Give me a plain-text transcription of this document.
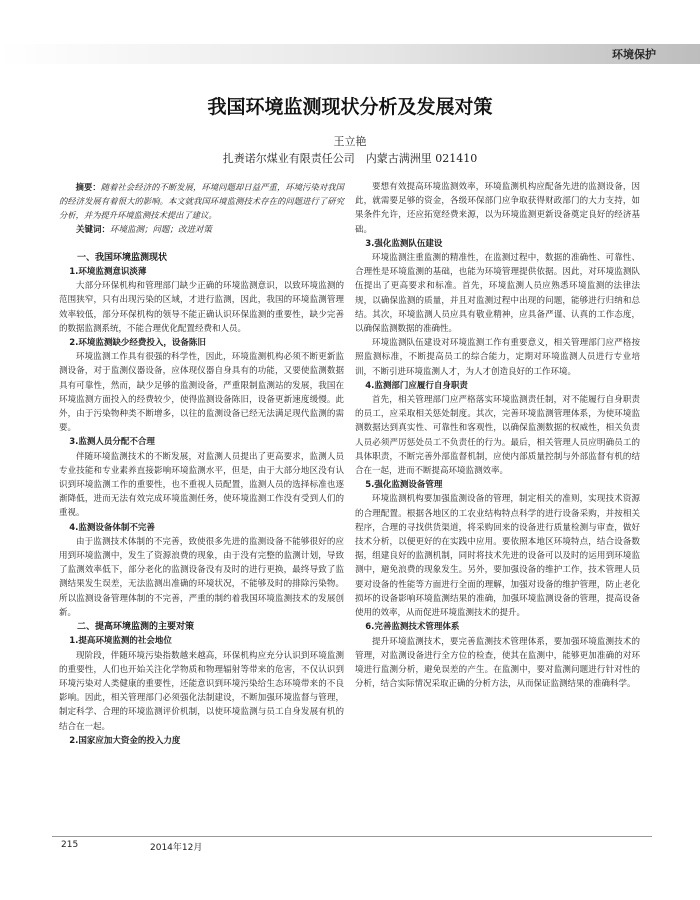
环境保护
我国环境监测现状分析及发展对策
王立艳
扎赉诺尔煤业有限责任公司　内蒙古满洲里 021410

摘要：随着社会经济的不断发展，环境问题却日益严重，环境污染对我国的经济发展有着很大的影响。本文就我国环境监测技术存在的问题进行了研究分析，并为提升环境监测技术提出了建议。

关键词：环境监测；问题；改进对策

一、我国环境监测现状

1.环境监测意识淡薄

大部分环保机构和管理部门缺少正确的环境监测意识，以致环境监测的范围狭窄，只有出现污染的区域，才进行监测，因此，我国的环境监测管理效率较低，部分环保机构的领导不能正确认识环保监测的重要性，缺少完善的数据监测系统，不能合理优化配置经费和人员。

2.环境监测缺少经费投入，设备陈旧

环境监测工作具有很强的科学性，因此，环境监测机构必须不断更新监测设备，对于监测仪器设备，应体现仪器自身具有的功能，又要使监测数据具有可靠性，然而，缺少足够的监测设备，严重限制监测站的发展，我国在环境监测方面投入的经费较少，使得监测设备陈旧，设备更新速度缓慢。此外，由于污染物种类不断增多，以往的监测设备已经无法满足现代监测的需要。

3.监测人员分配不合理

伴随环境监测技术的不断发展，对监测人员提出了更高要求，监测人员专业技能和专业素养直接影响环境监测水平，但是，由于大部分地区没有认识到环境监测工作的重要性，也不重视人员配置，监测人员的选择标准也逐渐降低，进而无法有效完成环境监测任务，使环境监测工作没有受到人们的重视。

4.监测设备体制不完善

由于监测技术体制的不完善，致使很多先进的监测设备不能够很好的应用到环境监测中，发生了资源浪费的现象，由于没有完整的监测计划，导致了监测效率低下，部分老化的监测设备没有及时的进行更换，最终导致了监测结果发生误差，无法监测出准确的环境状况，不能够及时的排除污染物。所以监测设备管理体制的不完善，严重的制约着我国环境监测技术的发展创新。

二、提高环境监测的主要对策

1.提高环境监测的社会地位

现阶段，伴随环境污染指数越来越高，环保机构应充分认识到环境监测的重要性，人们也开始关注化学物质和物理辐射等带来的危害，不仅认识到环境污染对人类健康的重要性，还能意识到环境污染给生态环境带来的不良影响。因此，相关管理部门必须强化法制建设，不断加强环境监督与管理，制定科学、合理的环境监测评价机制，以使环境监测与员工自身发展有机的结合在一起。

2.国家应加大资金的投入力度

要想有效提高环境监测效率，环境监测机构应配备先进的监测设备，因此，就需要足够的资金，各级环保部门应争取获得财政部门的大力支持，如果条件允许，还应拓宽经费来源，以为环境监测更新设备奠定良好的经济基础。

3.强化监测队伍建设

环境监测注重监测的精准性，在监测过程中，数据的准确性、可靠性、合理性是环境监测的基础，也能为环境管理提供依据。因此，对环境监测队伍提出了更高要求和标准。首先，环境监测人员应熟悉环境监测的法律法规，以确保监测的质量，并且对监测过程中出现的问题，能够进行归纳和总结。其次，环境监测人员应具有敬业精神，应具备严谨、认真的工作态度，以确保监测数据的准确性。

环境监测队伍建设对环境监测工作有重要意义，相关管理部门应严格按照监测标准，不断提高员工的综合能力，定期对环境监测人员进行专业培训，不断引进环境监测人才，为人才创造良好的工作环境。

4.监测部门应履行自身职责

首先，相关管理部门应严格落实环境监测责任制，对不能履行自身职责的员工，应采取相关惩处制度。其次，完善环境监测管理体系，为使环境监测数据达到真实性、可靠性和客观性，以确保监测数据的权威性，相关负责人员必须严厉惩处员工不负责任的行为。最后，相关管理人员应明确员工的具体职责，不断完善外部监督机制，应使内部质量控制与外部监督有机的结合在一起，进而不断提高环境监测效率。

5.强化监测设备管理

环境监测机构要加强监测设备的管理，制定相关的准则，实现技术资源的合理配置。根据各地区的工农业结构特点科学的进行设备采购，并按相关程序，合理的寻找供货渠道，将采购回来的设备进行质量检测与审查，做好技术分析，以便更好的在实践中应用。要依照本地区环境特点，结合设备数据，组建良好的监测机制，同时将技术先进的设备可以及时的运用到环境监测中，避免浪费的现象发生。另外，要加强设备的维护工作，技术管理人员要对设备的性能等方面进行全面的理解，加强对设备的维护管理，防止老化损坏的设备影响环境监测结果的准确，加强环境监测设备的管理，提高设备使用的效率，从而促进环境监测技术的提升。

6.完善监测技术管理体系

提升环境监测技术，要完善监测技术管理体系，要加强环境监测技术的管理，对监测设备进行全方位的检查，使其在监测中，能够更加准确的对环境进行监测分析，避免误差的产生。在监测中，要对监测问题进行针对性的分析，结合实际情况采取正确的分析方法，从而保证监测结果的准确科学。

215	2014年12月
